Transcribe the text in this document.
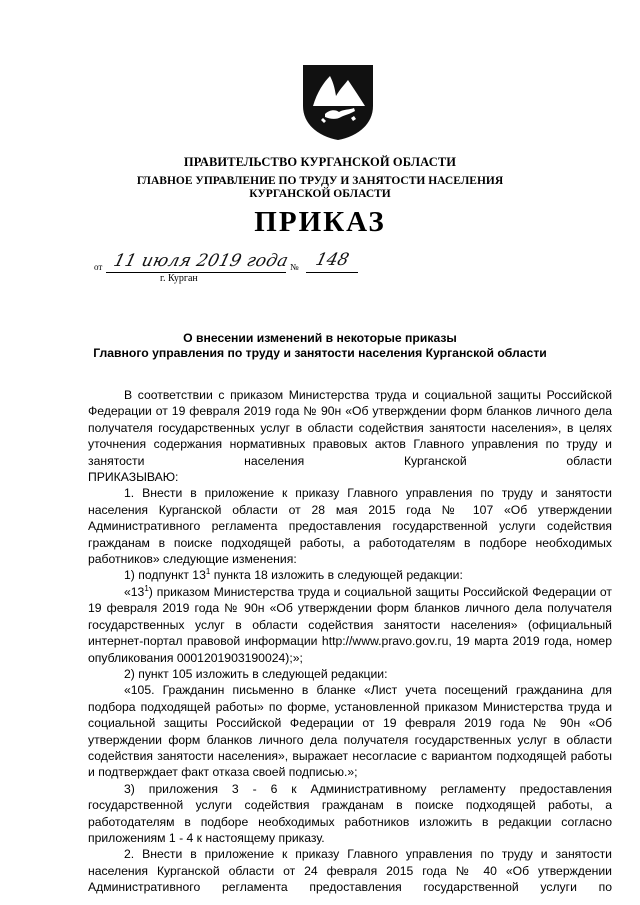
ПРАВИТЕЛЬСТВО КУРГАНСКОЙ ОБЛАСТИ
ГЛАВНОЕ УПРАВЛЕНИЕ ПО ТРУДУ И ЗАНЯТОСТИ НАСЕЛЕНИЯ
КУРГАНСКОЙ ОБЛАСТИ
ПРИКАЗ
от 11 июля 2019 года № 148
г. Курган
О внесении изменений в некоторые приказы
Главного управления по труду и занятости населения Курганской области

В соответствии с приказом Министерства труда и социальной защиты Российской Федерации от 19 февраля 2019 года № 90н «Об утверждении форм бланков личного дела получателя государственных услуг в области содействия занятости населения», в целях уточнения содержания нормативных правовых актов Главного управления по труду и занятости населения Курганской области

ПРИКАЗЫВАЮ:

1. Внести в приложение к приказу Главного управления по труду и занятости населения Курганской области от 28 мая 2015 года № 107 «Об утверждении Административного регламента предоставления государственной услуги содействия гражданам в поиске подходящей работы, а работодателям в подборе необходимых работников» следующие изменения:

1) подпункт $13^1$ пункта 18 изложить в следующей редакции:

«$13^1$) приказом Министерства труда и социальной защиты Российской Федерации от 19 февраля 2019 года № 90н «Об утверждении форм бланков личного дела получателя государственных услуг в области содействия занятости населения» (официальный интернет-портал правовой информации http://www.pravo.gov.ru, 19 марта 2019 года, номер опубликования 0001201903190024);»;

2) пункт 105 изложить в следующей редакции:

«105. Гражданин письменно в бланке «Лист учета посещений гражданина для подбора подходящей работы» по форме, установленной приказом Министерства труда и социальной защиты Российской Федерации от 19 февраля 2019 года № 90н «Об утверждении форм бланков личного дела получателя государственных услуг в области содействия занятости населения», выражает несогласие с вариантом подходящей работы и подтверждает факт отказа своей подписью.»;

3) приложения 3 - 6 к Административному регламенту предоставления государственной услуги содействия гражданам в поиске подходящей работы, а работодателям в подборе необходимых работников изложить в редакции согласно приложениям 1 - 4 к настоящему приказу.

2. Внести в приложение к приказу Главного управления по труду и занятости населения Курганской области от 24 февраля 2015 года № 40 «Об утверждении Административного регламента предоставления государственной услуги по
